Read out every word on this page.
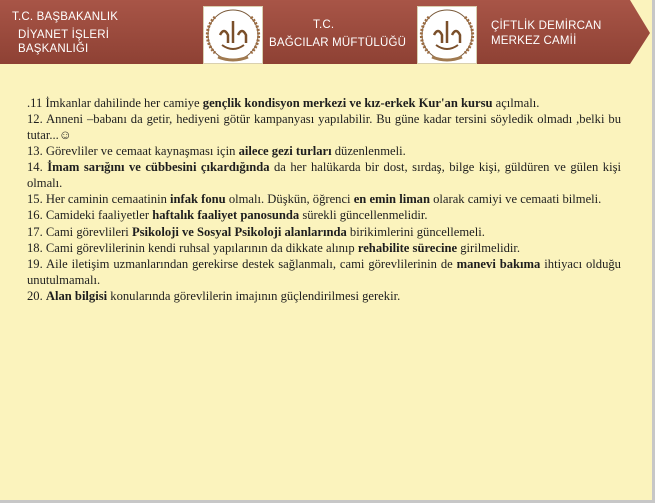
T.C. BAŞBAKANLIK
DİYANET İŞLERİ
BAŞKANLIĞI
T.C.
BAĞCILAR MÜFTÜLÜĞÜ
ÇİFTLİK DEMİRCAN
MERKEZ CAMİİ
.11 İmkanlar dahilinde her camiye gençlik kondisyon merkezi ve kız-erkek Kur'an kursu açılmalı.
12. Anneni –babanı da getir, hediyeni götür kampanyası yapılabilir. Bu güne kadar tersini söyledik olmadı ,belki bu tutar...☺
13. Görevliler ve cemaat kaynaşması için ailece gezi turları düzenlenmeli.
14. İmam sarığını ve cübbesini çıkardığında da her halükarda bir dost, sırdaş, bilge kişi, güldüren ve gülen kişi olmalı.
15. Her caminin cemaatinin infak fonu olmalı. Düşkün, öğrenci en emin liman olarak camiyi ve cemaati bilmeli.
16. Camideki faaliyetler haftalık faaliyet panosunda sürekli güncellenmelidir.
17. Cami görevlileri Psikoloji ve Sosyal Psikoloji alanlarında birikimlerini güncellemeli.
18. Cami görevlilerinin kendi ruhsal yapılarının da dikkate alınıp rehabilite sürecine girilmelidir.
19. Aile iletişim uzmanlarından gerekirse destek sağlanmalı, cami görevlilerinin de manevi bakıma ihtiyacı olduğu unutulmamalı.
20. Alan bilgisi konularında görevlilerin imajının güçlendirilmesi gerekir.
